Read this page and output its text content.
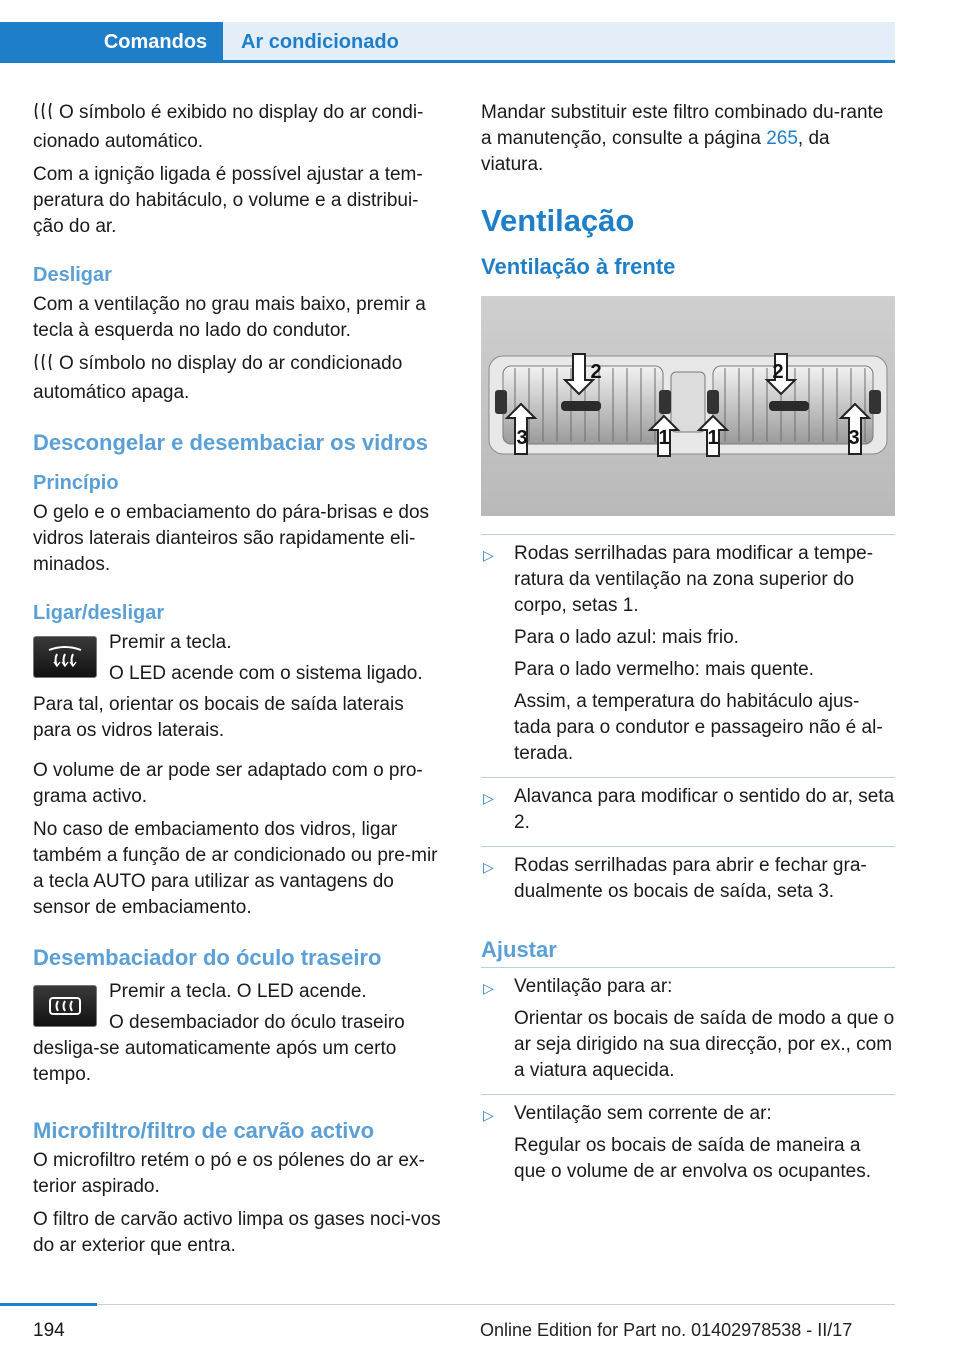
Comandos	Ar condicionado

O símbolo é exibido no display do ar condi-cionado automático.

Com a ignição ligada é possível ajustar a tem-peratura do habitáculo, o volume e a distribui-ção do ar.

Desligar

Com a ventilação no grau mais baixo, premir a tecla à esquerda no lado do condutor.

O símbolo no display do ar condicionado automático apaga.

Descongelar e desembaciar os vidros
Princípio

O gelo e o embaciamento do pára-brisas e dos vidros laterais dianteiros são rapidamente eli-minados.

Ligar/desligar

Premir a tecla.

O LED acende com o sistema ligado.

Para tal, orientar os bocais de saída laterais para os vidros laterais.

O volume de ar pode ser adaptado com o pro-grama activo.

No caso de embaciamento dos vidros, ligar também a função de ar condicionado ou pre-mir a tecla AUTO para utilizar as vantagens do sensor de embaciamento.

Desembaciador do óculo traseiro

Premir a tecla. O LED acende.

O desembaciador do óculo traseiro

desliga-se automaticamente após um certo tempo.

Microfiltro/filtro de carvão activo

O microfiltro retém o pó e os pólenes do ar ex-terior aspirado.

O filtro de carvão activo limpa os gases noci-vos do ar exterior que entra.

Mandar substituir este filtro combinado du-rante a manutenção, consulte a página 265, da viatura.

Ventilação
Ventilação à frente
2	2
3	1 1	3
▷ Rodas serrilhadas para modificar a tempe-ratura da ventilação na zona superior do corpo, setas 1.

Para o lado azul: mais frio.

Para o lado vermelho: mais quente.

Assim, a temperatura do habitáculo ajus-tada para o condutor e passageiro não é al-terada.

▷ Alavanca para modificar o sentido do ar, seta 2.

▷ Rodas serrilhadas para abrir e fechar gra-dualmente os bocais de saída, seta 3.

Ajustar
▷ Ventilação para ar:

Orientar os bocais de saída de modo a que o ar seja dirigido na sua direcção, por ex., com a viatura aquecida.

▷ Ventilação sem corrente de ar:

Regular os bocais de saída de maneira a que o volume de ar envolva os ocupantes.

194	Online Edition for Part no. 01402978538 - II/17
